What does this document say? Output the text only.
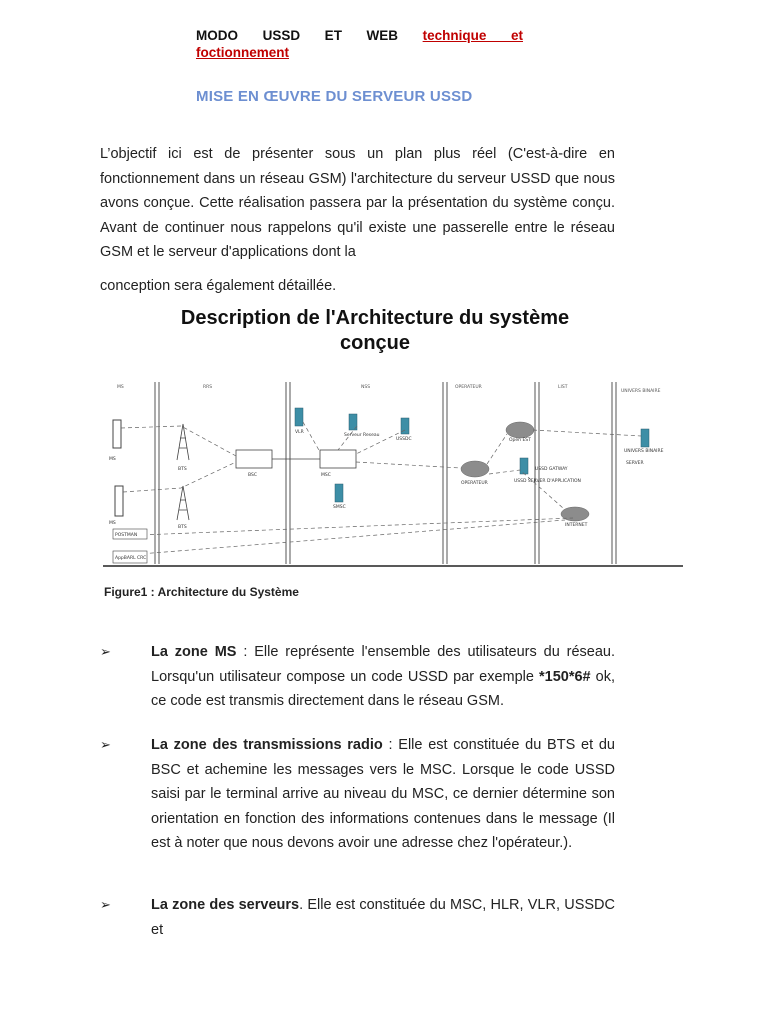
MODO USSD ET WEB technique et
foctionnement
MISE EN ŒUVRE DU SERVEUR USSD
L’objectif ici est de présenter sous un plan plus réel (C'est-à-dire en fonctionnement dans un réseau GSM) l'architecture du serveur USSD que nous avons conçue. Cette réalisation passera par la présentation du système conçu. Avant de continuer nous rappelons qu'il existe une passerelle entre le réseau GSM et le serveur d'applications dont la
conception sera également détaillée.
Description de l'Architecture du système
conçue
MS	RRS	NSS	OPERATEUR	LIST
UNIVERS BINAIRE
MS
MS
BTS
BTS
BSC	MSC
VLR
Serveur Reseau
USSDC
SMSC
OPERATEUR
Open EST
USSD GATWAY
USSD SERVER D'APPLICATION
INTERNET
UNIVERS BINAIRE
SERVER
POSTMAN
AppBARL CRC
Figure1 : Architecture du Système
➢	La zone MS : Elle représente l'ensemble des utilisateurs du réseau. Lorsqu'un utilisateur compose un code USSD par exemple *150*6# ok, ce code est transmis directement dans le réseau GSM.
➢	La zone des transmissions radio : Elle est constituée du BTS et du BSC et achemine les messages vers le MSC. Lorsque le code USSD saisi par le terminal arrive au niveau du MSC, ce dernier détermine son orientation en fonction des informations contenues dans le message (Il est à noter que nous devons avoir une adresse chez l'opérateur.).
➢	La zone des serveurs. Elle est constituée du MSC, HLR, VLR, USSDC et
